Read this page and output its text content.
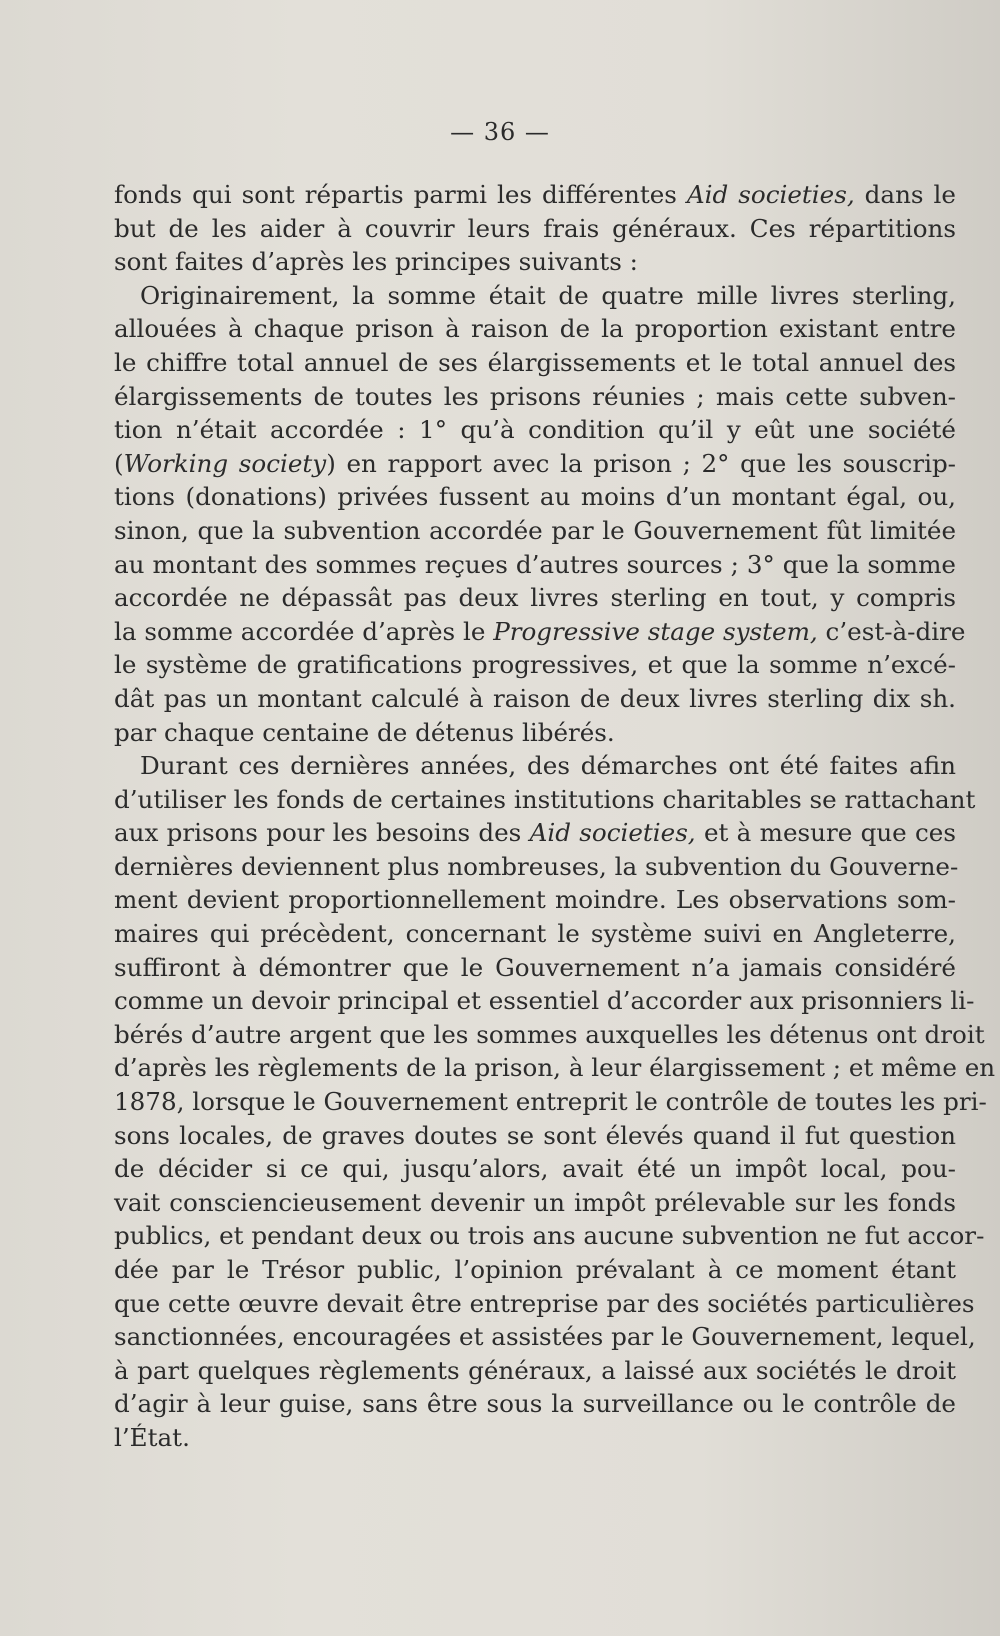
— 36 —
fonds qui sont répartis parmi les différentes Aid societies, dans le
but de les aider à couvrir leurs frais généraux. Ces répartitions
sont faites d’après les principes suivants :
Originairement, la somme était de quatre mille livres sterling,
allouées à chaque prison à raison de la proportion existant entre
le chiffre total annuel de ses élargissements et le total annuel des
élargissements de toutes les prisons réunies ; mais cette subven-
tion n’était accordée : 1° qu’à condition qu’il y eût une société
(Working society) en rapport avec la prison ; 2° que les souscrip-
tions (donations) privées fussent au moins d’un montant égal, ou,
sinon, que la subvention accordée par le Gouvernement fût limitée
au montant des sommes reçues d’autres sources ; 3° que la somme
accordée ne dépassât pas deux livres sterling en tout, y compris
la somme accordée d’après le Progressive stage system, c’est-à-dire
le système de gratifications progressives, et que la somme n’excé-
dât pas un montant calculé à raison de deux livres sterling dix sh.
par chaque centaine de détenus libérés.
Durant ces dernières années, des démarches ont été faites afin
d’utiliser les fonds de certaines institutions charitables se rattachant
aux prisons pour les besoins des Aid societies, et à mesure que ces
dernières deviennent plus nombreuses, la subvention du Gouverne-
ment devient proportionnellement moindre. Les observations som-
maires qui précèdent, concernant le système suivi en Angleterre,
suffiront à démontrer que le Gouvernement n’a jamais considéré
comme un devoir principal et essentiel d’accorder aux prisonniers li-
bérés d’autre argent que les sommes auxquelles les détenus ont droit
d’après les règlements de la prison, à leur élargissement ; et même en
1878, lorsque le Gouvernement entreprit le contrôle de toutes les pri-
sons locales, de graves doutes se sont élevés quand il fut question
de décider si ce qui, jusqu’alors, avait été un impôt local, pou-
vait consciencieusement devenir un impôt prélevable sur les fonds
publics, et pendant deux ou trois ans aucune subvention ne fut accor-
dée par le Trésor public, l’opinion prévalant à ce moment étant
que cette œuvre devait être entreprise par des sociétés particulières
sanctionnées, encouragées et assistées par le Gouvernement, lequel,
à part quelques règlements généraux, a laissé aux sociétés le droit
d’agir à leur guise, sans être sous la surveillance ou le contrôle de
l’État.
